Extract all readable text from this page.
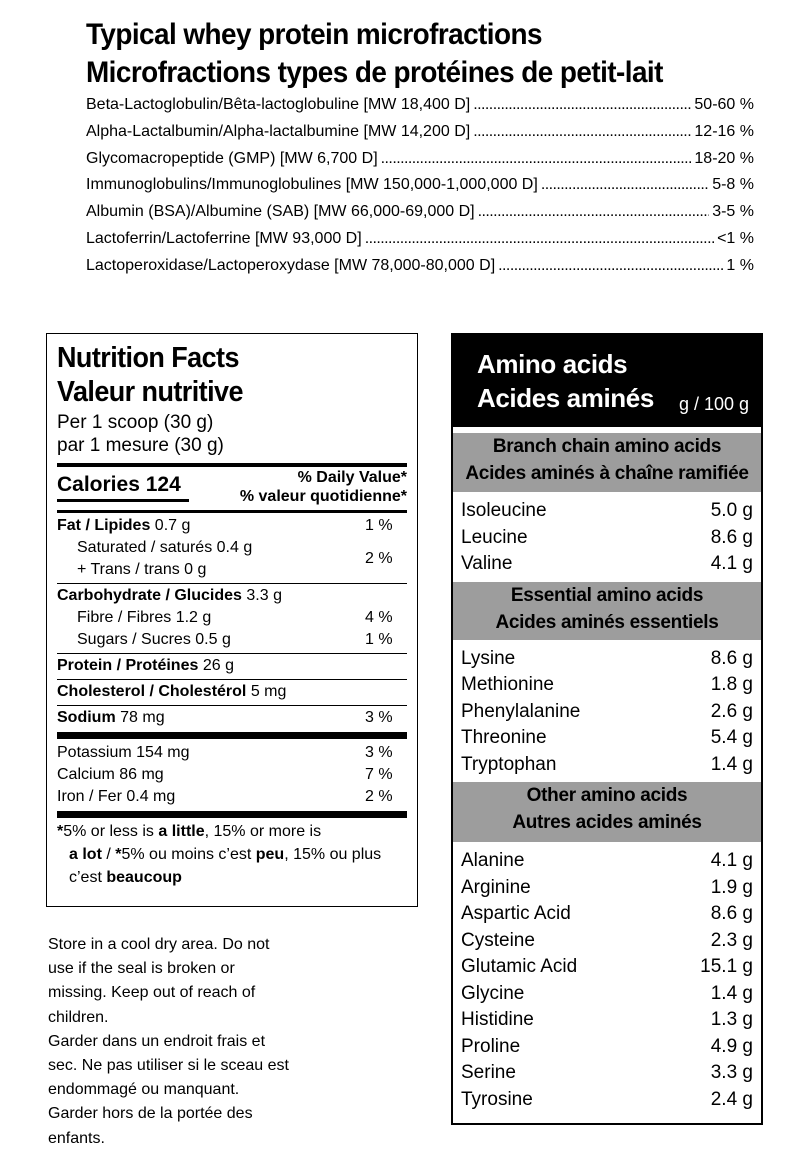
Typical whey protein microfractions
Microfractions types de protéines de petit-lait
Beta-Lactoglobulin/Bêta-lactoglobuline [MW 18,400 D] . . .	50-60 %
Alpha-Lactalbumin/Alpha-lactalbumine [MW 14,200 D] . . .	12-16 %
Glycomacropeptide (GMP) [MW 6,700 D] . . .	18-20 %
Immunoglobulins/Immunoglobulines [MW 150,000-1,000,000 D] . . .	5-8 %
Albumin (BSA)/Albumine (SAB) [MW 66,000-69,000 D] . . .	3-5 %
Lactoferrin/Lactoferrine [MW 93,000 D] . . .	<1 %
Lactoperoxidase/Lactoperoxydase [MW 78,000-80,000 D] . . .	1 %
Nutrition Facts
Valeur nutritive
Per 1 scoop (30 g)
par 1 mesure (30 g)
Calories 124	% Daily Value*
% valeur quotidienne*
Fat / Lipides 0.7 g	1 %
Saturated / saturés 0.4 g
+ Trans / trans 0 g
2 %
Carbohydrate / Glucides 3.3 g
Fibre / Fibres 1.2 g	4 %
Sugars / Sucres 0.5 g	1 %
Protein / Protéines 26 g
Cholesterol / Cholestérol 5 mg
Sodium 78 mg	3 %
Potassium 154 mg	3 %
Calcium 86 mg	7 %
Iron / Fer 0.4 mg	2 %
*5% or less is a little, 15% or more is
a lot / *5% ou moins c’est peu, 15% ou plus
c’est beaucoup
Store in a cool dry area. Do not
use if the seal is broken or
missing. Keep out of reach of
children.
Garder dans un endroit frais et
sec. Ne pas utiliser si le sceau est
endommagé ou manquant.
Garder hors de la portée des
enfants.
Amino acids
Acides aminés g / 100 g
Branch chain amino acids
Acides aminés à chaîne ramifiée
Isoleucine	5.0 g
Leucine	8.6 g
Valine	4.1 g
Essential amino acids
Acides aminés essentiels
Lysine	8.6 g
Methionine	1.8 g
Phenylalanine	2.6 g
Threonine	5.4 g
Tryptophan	1.4 g
Other amino acids
Autres acides aminés
Alanine	4.1 g
Arginine	1.9 g
Aspartic Acid	8.6 g
Cysteine	2.3 g
Glutamic Acid	15.1 g
Glycine	1.4 g
Histidine	1.3 g
Proline	4.9 g
Serine	3.3 g
Tyrosine	2.4 g
